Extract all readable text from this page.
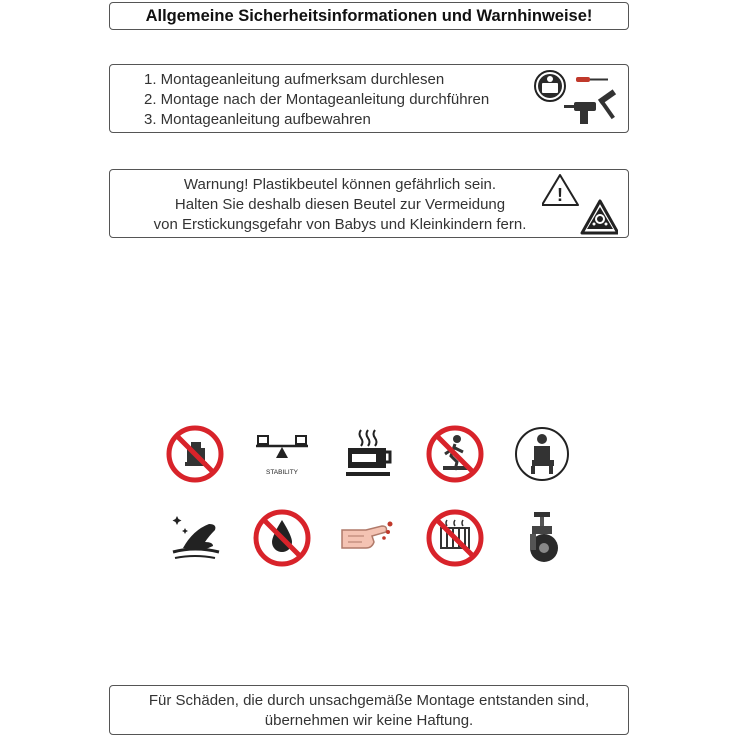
Allgemeine Sicherheitsinformationen und Warnhinweise!
1. Montageanleitung aufmerksam durchlesen
2. Montage nach der Montageanleitung durchführen
3. Montageanleitung aufbewahren
Warnung! Plastikbeutel können gefährlich sein.
Halten Sie deshalb diesen Beutel zur Vermeidung
von Erstickungsgefahr von Babys und Kleinkindern fern.
!
STABILITY
Für Schäden, die durch unsachgemäße Montage entstanden sind,
übernehmen wir keine Haftung.
